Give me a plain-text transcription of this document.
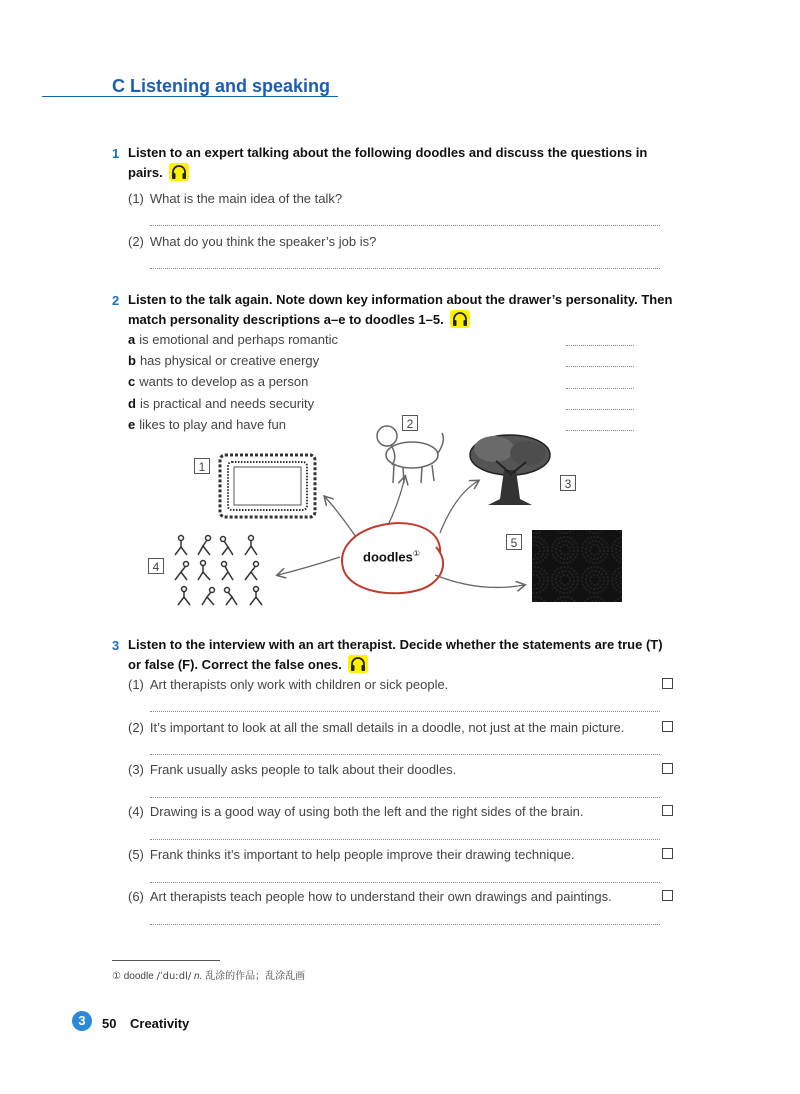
C Listening and speaking
1 Listen to an expert talking about the following doodles and discuss the questions in
pairs.
(1) What is the main idea of the talk?
(2) What do you think the speaker’s job is?
2 Listen to the talk again. Note down key information about the drawer’s personality. Then
match personality descriptions a–e to doodles 1–5.
a is emotional and perhaps romantic
b has physical or creative energy
c wants to develop as a person
d is practical and needs security
e likes to play and have fun
doodles①
1
2
3
4
5
3 Listen to the interview with an art therapist. Decide whether the statements are true (T)
or false (F). Correct the false ones.
(1) Art therapists only work with children or sick people.
(2) It’s important to look at all the small details in a doodle, not just at the main picture.
(3) Frank usually asks people to talk about their doodles.
(4) Drawing is a good way of using both the left and the right sides of the brain.
(5) Frank thinks it’s important to help people improve their drawing technique.
(6) Art therapists teach people how to understand their own drawings and paintings.
① doodle /ˈduːdl/ n. 乱涂的作品；乱涂乱画
3	50 Creativity
